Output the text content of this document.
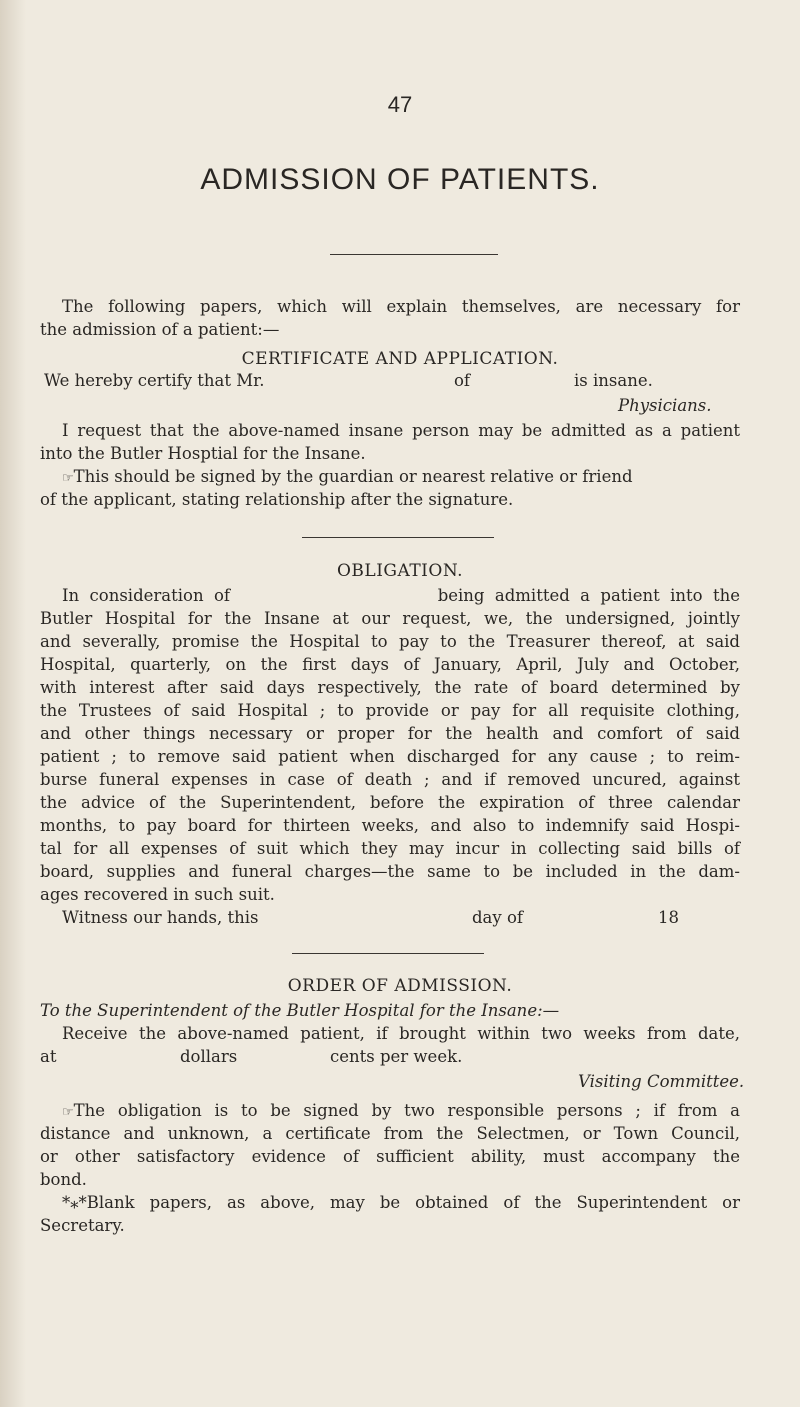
47
ADMISSION OF PATIENTS.
The following papers, which will explain themselves, are necessary for
the admission of a patient:—
CERTIFICATE AND APPLICATION.
We hereby certify that Mr.	of	is insane.
Physicians.
I request that the above-named insane person may be admitted as a patient
into the Butler Hosptial for the Insane.
☞This should be signed by the guardian or nearest relative or friend
of the applicant, stating relationship after the signature.
OBLIGATION.
In consideration of                    being admitted a patient into the
Butler Hospital for the Insane at our request, we, the undersigned, jointly
and severally, promise the Hospital to pay to the Treasurer thereof, at said
Hospital, quarterly, on the first days of January, April, July and October,
with interest after said days respectively, the rate of board determined by
the Trustees of said Hospital ; to provide or pay for all requisite clothing,
and other things necessary or proper for the health and comfort of said
patient ; to remove said patient when discharged for any cause ; to reim-
burse funeral expenses in case of death ; and if removed uncured, against
the advice of the Superintendent, before the expiration of three calendar
months, to pay board for thirteen weeks, and also to indemnify said Hospi-
tal for all expenses of suit which they may incur in collecting said bills of
board, supplies and funeral charges—the same to be included in the dam-
ages recovered in such suit.
Witness our hands, this	day of	18
ORDER OF ADMISSION.
To the Superintendent of the Butler Hospital for the Insane:—
Receive the above-named patient, if brought within two weeks from date,
at	dollars	cents per week.
Visiting Committee.
☞The obligation is to be signed by two responsible persons ; if from a
distance and unknown, a certificate from the Selectmen, or Town Council,
or other satisfactory evidence of sufficient ability, must accompany the
bond.
*⁎*Blank papers, as above, may be obtained of the Superintendent or
Secretary.
